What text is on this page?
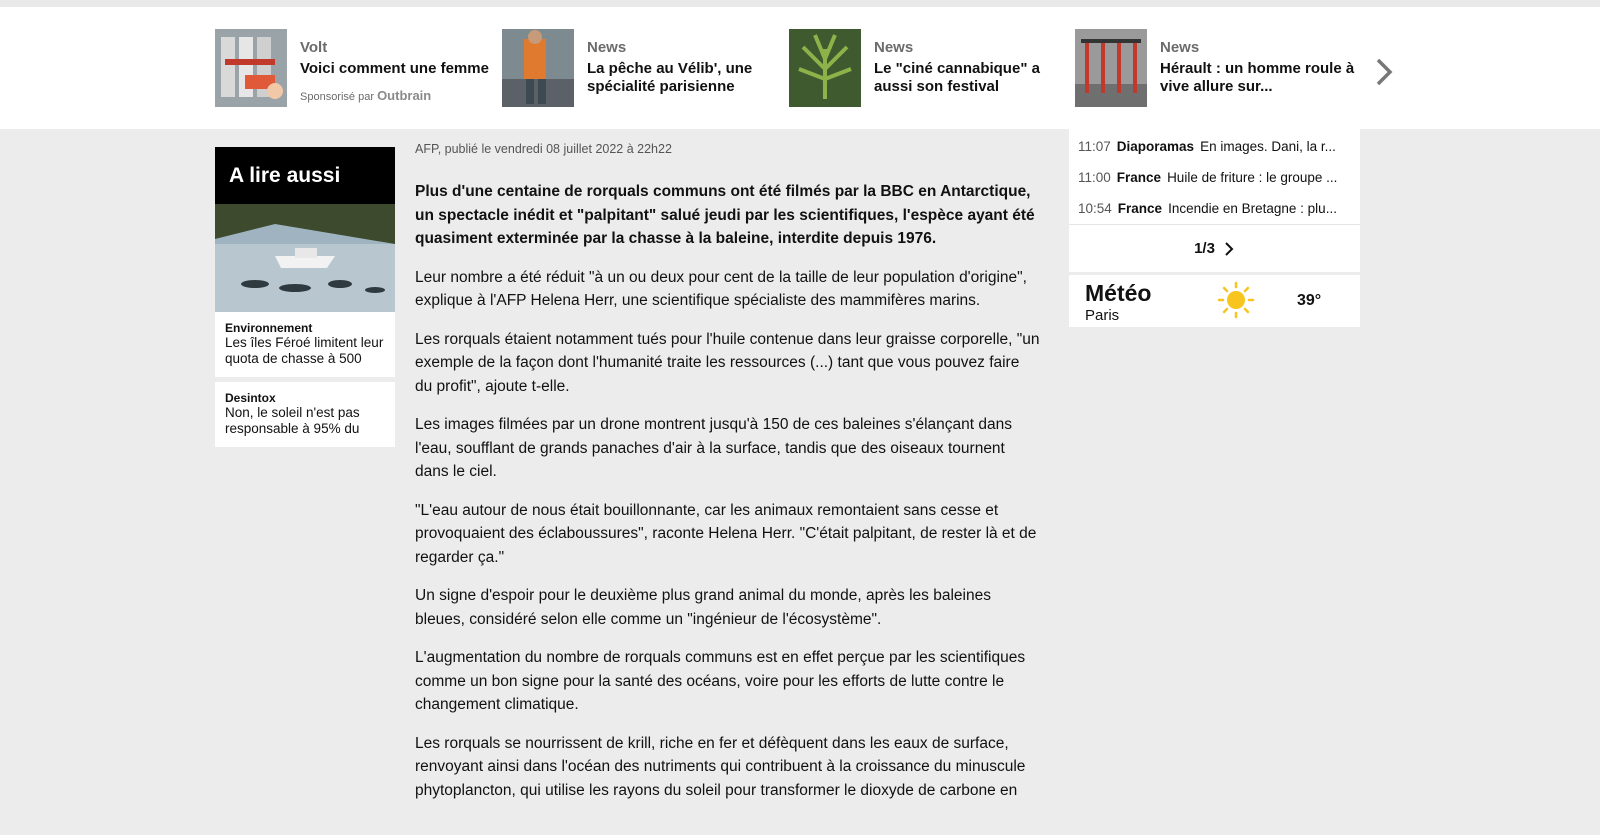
Volt
Voici comment une femme
Sponsorisé par Outbrain
News
La pêche au Vélib', une spécialité parisienne
News
Le "ciné cannabique" a aussi son festival
News
Hérault : un homme roule à vive allure sur...
A lire aussi
Environnement
Les îles Féroé limitent leur quota de chasse à 500
Desintox
Non, le soleil n'est pas responsable à 95% du
AFP, publié le vendredi 08 juillet 2022 à 22h22

Plus d'une centaine de rorquals communs ont été filmés par la BBC en Antarctique, un spectacle inédit et "palpitant" salué jeudi par les scientifiques, l'espèce ayant été quasiment exterminée par la chasse à la baleine, interdite depuis 1976.

Leur nombre a été réduit "à un ou deux pour cent de la taille de leur population d'origine", explique à l'AFP Helena Herr, une scientifique spécialiste des mammifères marins.

Les rorquals étaient notamment tués pour l'huile contenue dans leur graisse corporelle, "un exemple de la façon dont l'humanité traite les ressources (...) tant que vous pouvez faire du profit", ajoute t-elle.

Les images filmées par un drone montrent jusqu'à 150 de ces baleines s'élançant dans l'eau, soufflant de grands panaches d'air à la surface, tandis que des oiseaux tournent dans le ciel.

"L'eau autour de nous était bouillonnante, car les animaux remontaient sans cesse et provoquaient des éclaboussures", raconte Helena Herr. "C'était palpitant, de rester là et de regarder ça."

Un signe d'espoir pour le deuxième plus grand animal du monde, après les baleines bleues, considéré selon elle comme un "ingénieur de l'écosystème".

L'augmentation du nombre de rorquals communs est en effet perçue par les scientifiques comme un bon signe pour la santé des océans, voire pour les efforts de lutte contre le changement climatique.

Les rorquals se nourrissent de krill, riche en fer et défèquent dans les eaux de surface, renvoyant ainsi dans l'océan des nutriments qui contribuent à la croissance du minuscule phytoplancton, qui utilise les rayons du soleil pour transformer le dioxyde de carbone en

11:07 Diaporamas En images. Dani, la r...
11:00 France Huile de friture : le groupe ...
10:54 France Incendie en Bretagne : plu...
1/3
Météo
Paris
39°
